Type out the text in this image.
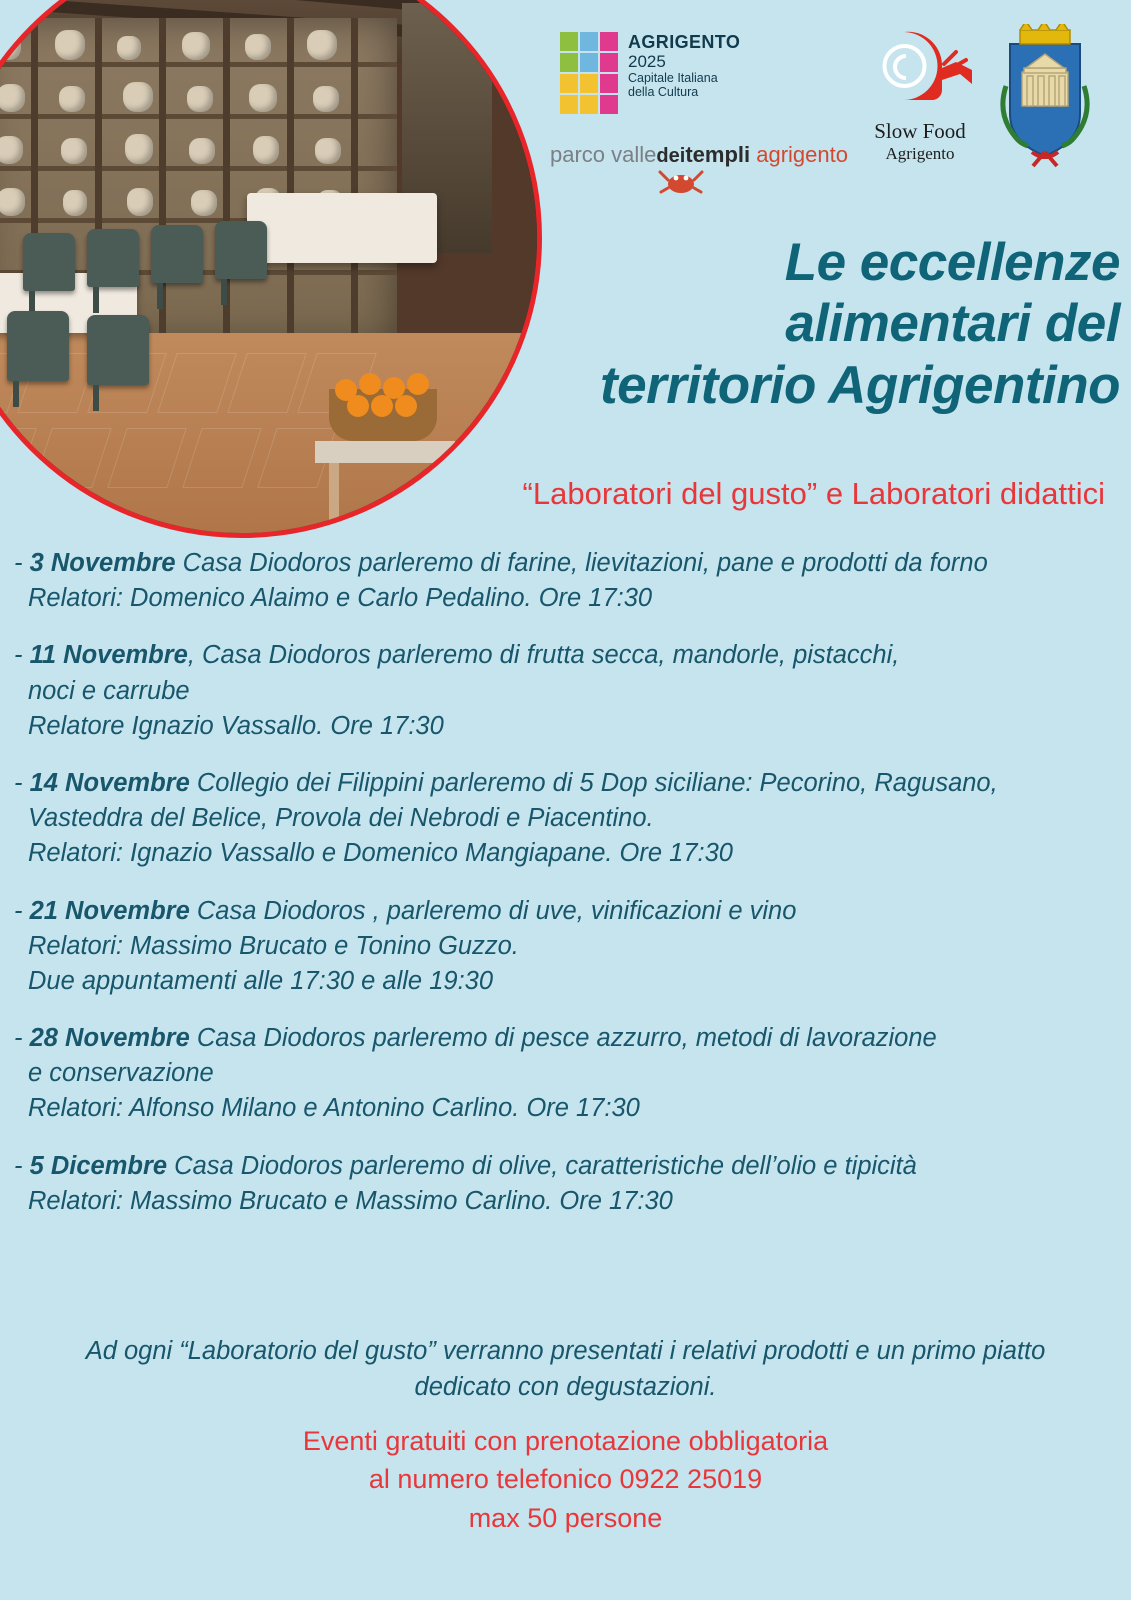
AGRIGENTO
2025
Capitale Italiana
della Cultura
parco valledeitempli agrigento
Slow Food
Agrigento
Le eccellenze
alimentari del
territorio Agrigentino
“Laboratori del gusto” e Laboratori didattici
- 3 Novembre Casa Diodoros parleremo di farine, lievitazioni, pane e prodotti da forno
Relatori: Domenico Alaimo e Carlo Pedalino. Ore 17:30
- 11 Novembre, Casa Diodoros parleremo di frutta secca, mandorle, pistacchi,
noci e carrube
Relatore Ignazio Vassallo. Ore 17:30
- 14 Novembre Collegio dei Filippini parleremo di 5 Dop siciliane: Pecorino, Ragusano,
Vasteddra del Belice, Provola dei Nebrodi e Piacentino.
Relatori: Ignazio Vassallo e Domenico Mangiapane. Ore 17:30
- 21 Novembre Casa Diodoros , parleremo di uve, vinificazioni e vino
Relatori: Massimo Brucato e Tonino Guzzo.
Due appuntamenti alle 17:30 e alle 19:30
- 28 Novembre Casa Diodoros parleremo di pesce azzurro, metodi di lavorazione
e conservazione
Relatori: Alfonso Milano e Antonino Carlino. Ore 17:30
- 5 Dicembre Casa Diodoros parleremo di olive, caratteristiche dell’olio e tipicità
Relatori: Massimo Brucato e Massimo Carlino. Ore 17:30
Ad ogni “Laboratorio del gusto” verranno presentati i relativi prodotti e un primo piatto
dedicato con degustazioni.
Eventi gratuiti con prenotazione obbligatoria
al numero telefonico 0922 25019
max 50 persone
